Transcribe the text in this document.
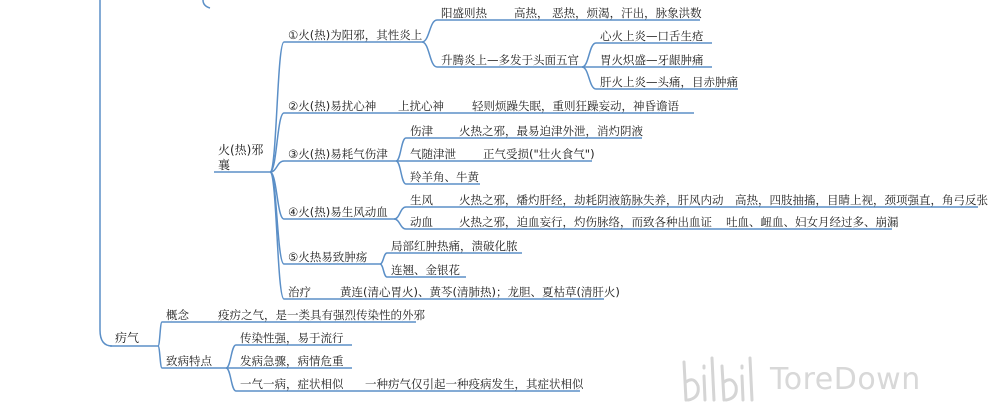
火(热)邪
襄
①火(热)为阳邪，其性炎上
阳盛则热 高热， 恶热，烦渴，汗出，脉象洪数
升腾炎上—多发于头面五官
心火上炎—口舌生疮
胃火炽盛—牙龈肿痛
肝火上炎—头痛，目赤肿痛
②火(热)易扰心神 上扰心神 轻则烦躁失眠，重则狂躁妄动，神昏谵语
③火(热)易耗气伤津
伤津 火热之邪，最易迫津外泄，消灼阴液
气随津泄 正气受损("壮火食气")
羚羊角、牛黄
④火(热)易生风动血
生风 火热之邪，燔灼肝经，劫耗阴液筋脉失养，肝风内动 高热，四肢抽搐，目睛上视，颈项强直，角弓反张
动血 火热之邪，迫血妄行，灼伤脉络，而致各种出血证 吐血、衄血、妇女月经过多、崩漏
⑤火热易致肿疡
局部红肿热痛，溃破化脓
连翘、金银花
治疗	黄连(清心胃火)、黄芩(清肺热)；龙胆、夏枯草(清肝火)
疠气
概念	疫疠之气，是一类具有强烈传染性的外邪
致病特点
传染性强，易于流行
发病急骤，病情危重
一气一病，症状相似 一种疠气仅引起一种疫病发生，其症状相似	ToreDown
